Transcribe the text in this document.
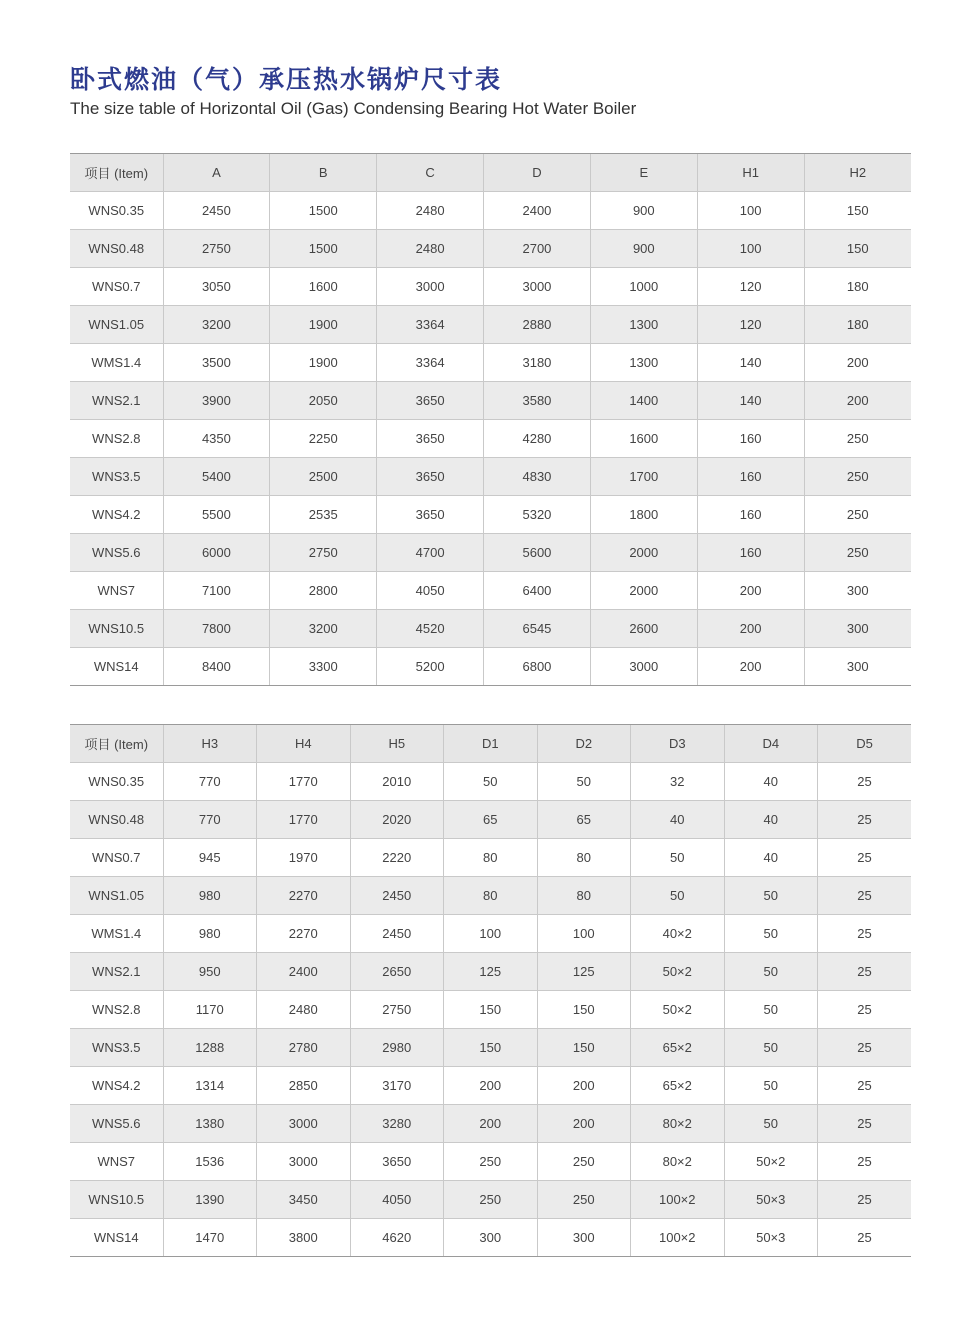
卧式燃油（气）承压热水锅炉尺寸表
The size table of Horizontal Oil (Gas) Condensing Bearing Hot Water Boiler
项目 (Item)	A	B	C	D	E	H1	H2
WNS0.35	2450	1500	2480	2400	900	100	150
WNS0.48	2750	1500	2480	2700	900	100	150
WNS0.7	3050	1600	3000	3000	1000	120	180
WNS1.05	3200	1900	3364	2880	1300	120	180
WMS1.4	3500	1900	3364	3180	1300	140	200
WNS2.1	3900	2050	3650	3580	1400	140	200
WNS2.8	4350	2250	3650	4280	1600	160	250
WNS3.5	5400	2500	3650	4830	1700	160	250
WNS4.2	5500	2535	3650	5320	1800	160	250
WNS5.6	6000	2750	4700	5600	2000	160	250
WNS7	7100	2800	4050	6400	2000	200	300
WNS10.5	7800	3200	4520	6545	2600	200	300
WNS14	8400	3300	5200	6800	3000	200	300
项目 (Item)	H3	H4	H5	D1	D2	D3	D4	D5
WNS0.35	770	1770	2010	50	50	32	40	25
WNS0.48	770	1770	2020	65	65	40	40	25
WNS0.7	945	1970	2220	80	80	50	40	25
WNS1.05	980	2270	2450	80	80	50	50	25
WMS1.4	980	2270	2450	100	100	40×2	50	25
WNS2.1	950	2400	2650	125	125	50×2	50	25
WNS2.8	1170	2480	2750	150	150	50×2	50	25
WNS3.5	1288	2780	2980	150	150	65×2	50	25
WNS4.2	1314	2850	3170	200	200	65×2	50	25
WNS5.6	1380	3000	3280	200	200	80×2	50	25
WNS7	1536	3000	3650	250	250	80×2	50×2	25
WNS10.5	1390	3450	4050	250	250	100×2	50×3	25
WNS14	1470	3800	4620	300	300	100×2	50×3	25
